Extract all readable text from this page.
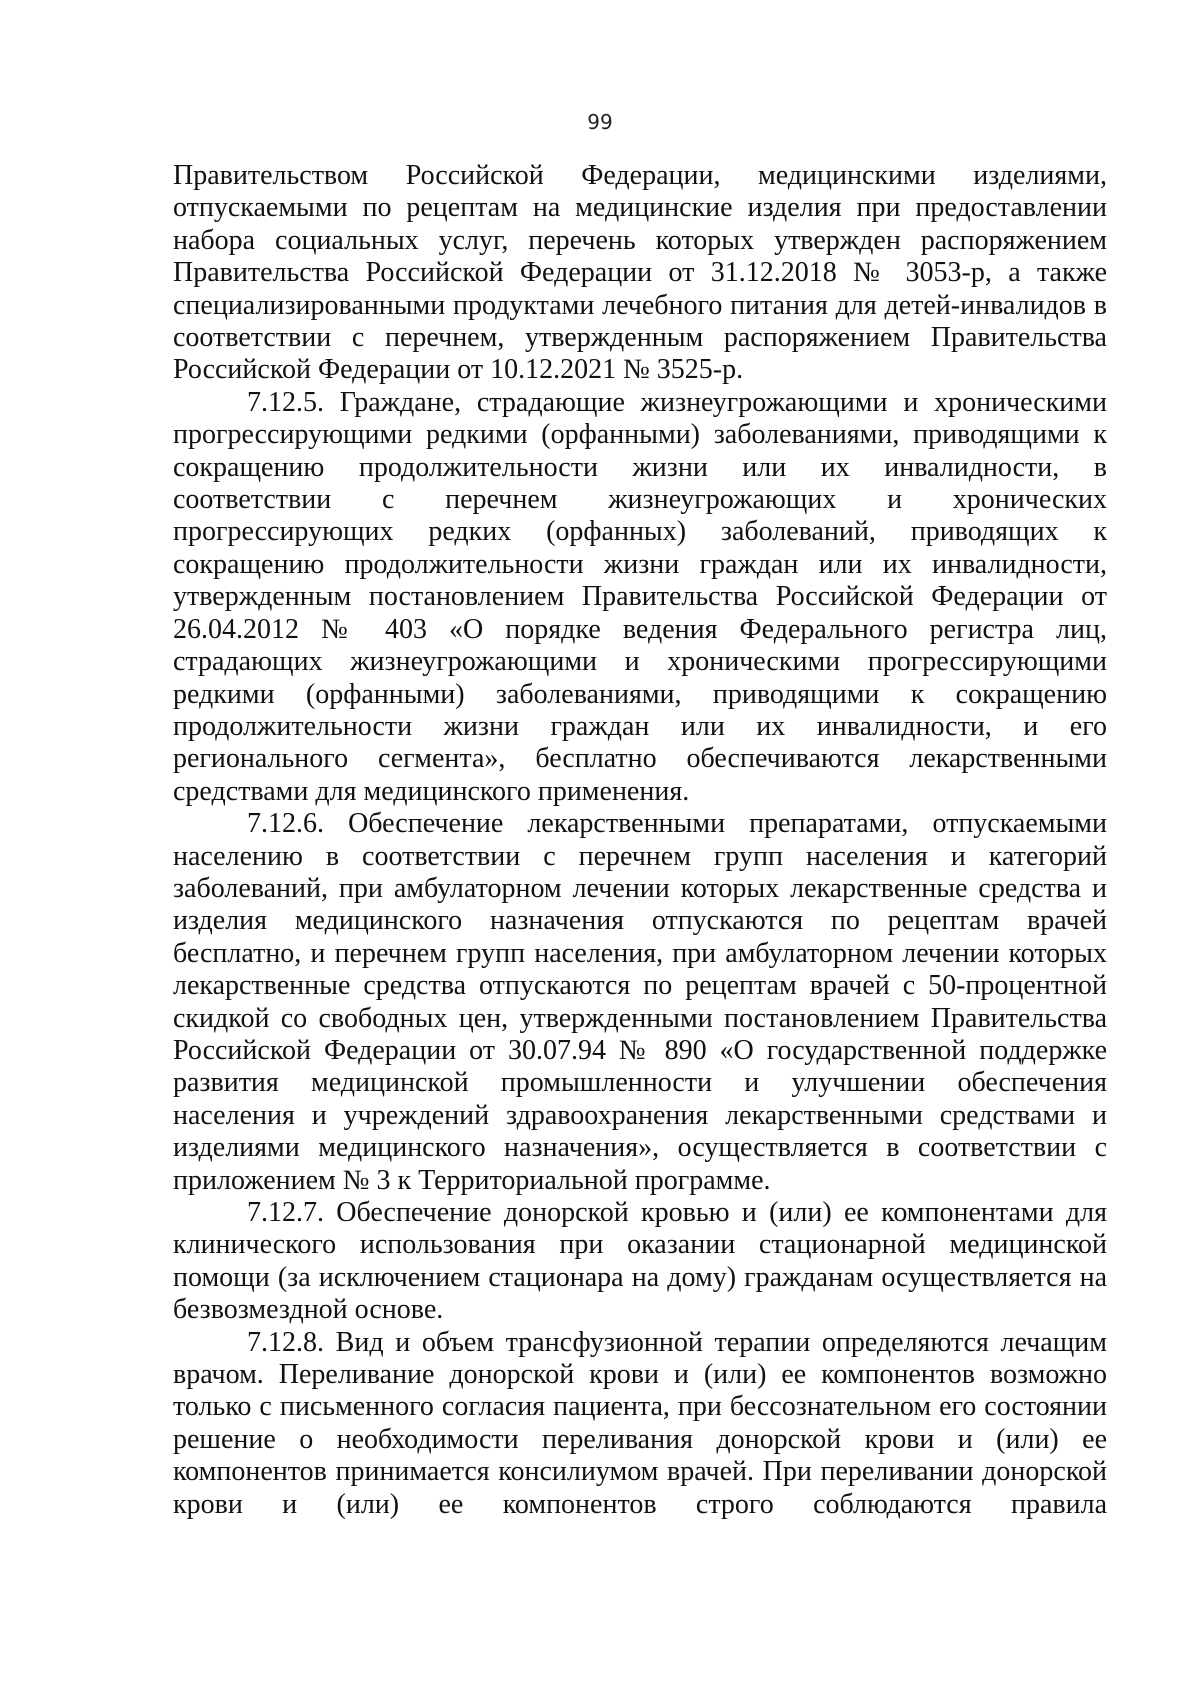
99

Правительством Российской Федерации, медицинскими изделиями, отпускаемыми по рецептам на медицинские изделия при предоставлении набора социальных услуг, перечень которых утвержден распоряжением Правительства Российской Федерации от 31.12.2018 № 3053-р, а также специализированными продуктами лечебного питания для детей-инвалидов в соответствии с перечнем, утвержденным распоряжением Правительства Российской Федерации от 10.12.2021 № 3525-р.

7.12.5. Граждане, страдающие жизнеугрожающими и хроническими прогрессирующими редкими (орфанными) заболеваниями, приводящими к сокращению продолжительности жизни или их инвалидности, в соответствии с перечнем жизнеугрожающих и хронических прогрессирующих редких (орфанных) заболеваний, приводящих к сокращению продолжительности жизни граждан или их инвалидности, утвержденным постановлением Правительства Российской Федерации от 26.04.2012 № 403 «О порядке ведения Федерального регистра лиц, страдающих жизнеугрожающими и хроническими прогрессирующими редкими (орфанными) заболеваниями, приводящими к сокращению продолжительности жизни граждан или их инвалидности, и его регионального сегмента», бесплатно обеспечиваются лекарственными средствами для медицинского применения.

7.12.6. Обеспечение лекарственными препаратами, отпускаемыми населению в соответствии с перечнем групп населения и категорий заболеваний, при амбулаторном лечении которых лекарственные средства и изделия медицинского назначения отпускаются по рецептам врачей бесплатно, и перечнем групп населения, при амбулаторном лечении которых лекарственные средства отпускаются по рецептам врачей с 50-процентной скидкой со свободных цен, утвержденными постановлением Правительства Российской Федерации от 30.07.94 № 890 «О государственной поддержке развития медицинской промышленности и улучшении обеспечения населения и учреждений здравоохранения лекарственными средствами и изделиями медицинского назначения», осуществляется в соответствии с приложением № 3 к Территориальной программе.

7.12.7. Обеспечение донорской кровью и (или) ее компонентами для клинического использования при оказании стационарной медицинской помощи (за исключением стационара на дому) гражданам осуществляется на безвозмездной основе.

7.12.8. Вид и объем трансфузионной терапии определяются лечащим врачом. Переливание донорской крови и (или) ее компонентов возможно только с письменного согласия пациента, при бессознательном его состоянии решение о необходимости переливания донорской крови и (или) ее компонентов принимается консилиумом врачей. При переливании донорской крови и (или) ее компонентов строго соблюдаются правила
